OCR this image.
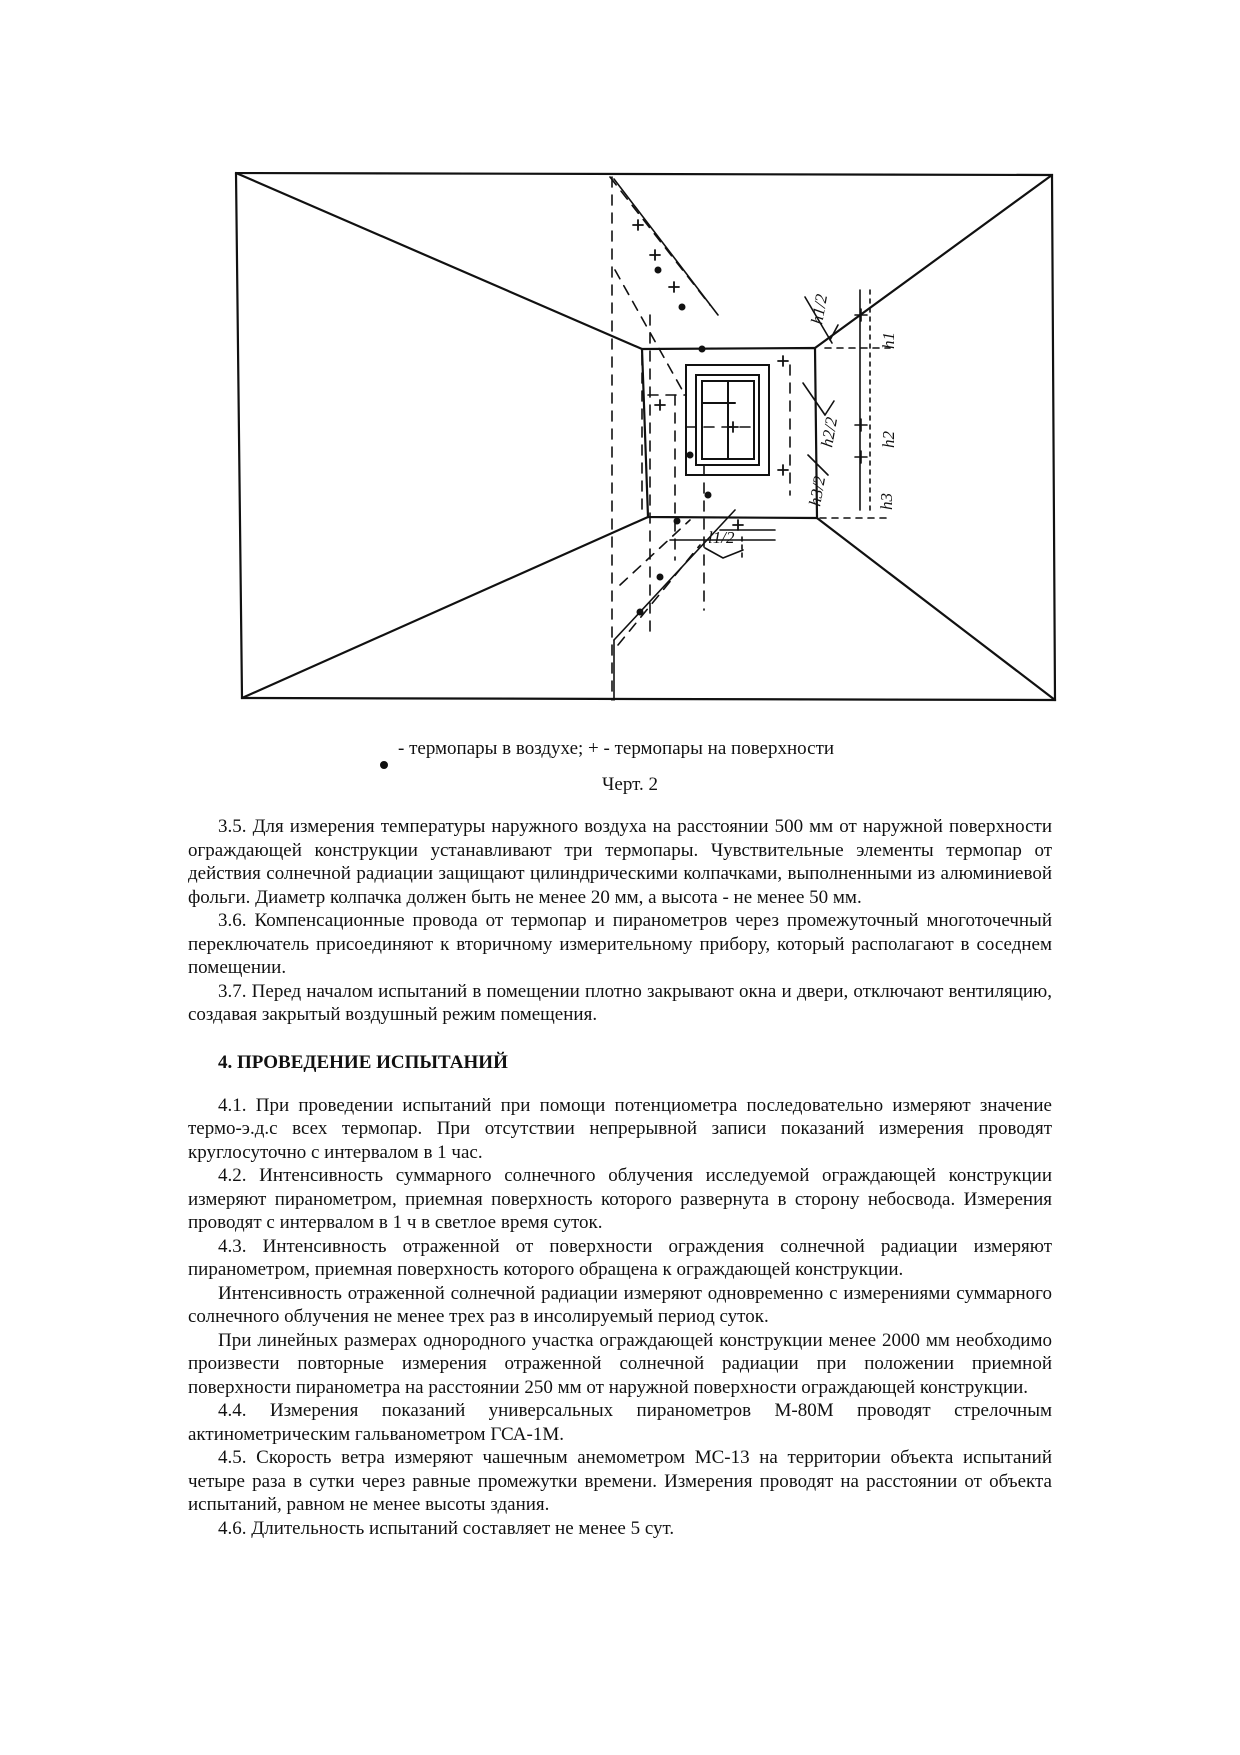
h1/2
h1
h2/2 h2
h3/2	h3
l1/2
- термопары в воздухе; + - термопары на поверхности
Черт. 2

3.5. Для измерения температуры наружного воздуха на расстоянии 500 мм от наружной поверхности ограждающей конструкции устанавливают три термопары. Чувствительные элементы термопар от действия солнечной радиации защищают цилиндрическими колпачками, выполненными из алюминиевой фольги. Диаметр колпачка должен быть не менее 20 мм, а высота - не менее 50 мм.

3.6. Компенсационные провода от термопар и пиранометров через промежуточный многоточечный переключатель присоединяют к вторичному измерительному прибору, который располагают в соседнем помещении.

3.7. Перед началом испытаний в помещении плотно закрывают окна и двери, отключают вентиляцию, создавая закрытый воздушный режим помещения.

4. ПРОВЕДЕНИЕ ИСПЫТАНИЙ

4.1. При проведении испытаний при помощи потенциометра последовательно измеряют значение термо-э.д.с всех термопар. При отсутствии непрерывной записи показаний измерения проводят круглосуточно с интервалом в 1 час.

4.2. Интенсивность суммарного солнечного облучения исследуемой ограждающей конструкции измеряют пиранометром, приемная поверхность которого развернута в сторону небосвода. Измерения проводят с интервалом в 1 ч в светлое время суток.

4.3. Интенсивность отраженной от поверхности ограждения солнечной радиации измеряют пиранометром, приемная поверхность которого обращена к ограждающей конструкции.

Интенсивность отраженной солнечной радиации измеряют одновременно с измерениями суммарного солнечного облучения не менее трех раз в инсолируемый период суток.

При линейных размерах однородного участка ограждающей конструкции менее 2000 мм необходимо произвести повторные измерения отраженной солнечной радиации при положении приемной поверхности пиранометра на расстоянии 250 мм от наружной поверхности ограждающей конструкции.

4.4. Измерения показаний универсальных пиранометров М-80М проводят стрелочным актинометрическим гальванометром ГСА-1М.

4.5. Скорость ветра измеряют чашечным анемометром МС-13 на территории объекта испытаний четыре раза в сутки через равные промежутки времени. Измерения проводят на расстоянии от объекта испытаний, равном не менее высоты здания.

4.6. Длительность испытаний составляет не менее 5 сут.
